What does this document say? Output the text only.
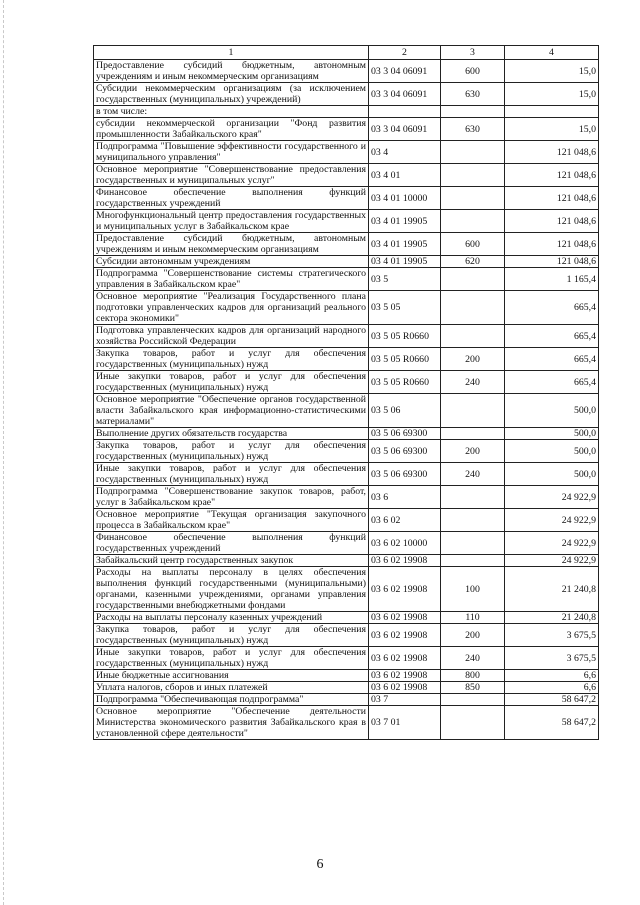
1	2	3	4
Предоставление субсидий бюджетным, автономным учреждениям и иным некоммерческим организациям	03 3 04 06091	600	15,0
Субсидии некоммерческим организациям (за исключением государственных (муниципальных) учреждений)	03 3 04 06091	630	15,0
в том числе:			
субсидии некоммерческой организации "Фонд развития промышленности Забайкальского края"	03 3 04 06091	630	15,0
Подпрограмма "Повышение эффективности государственного и муниципального управления"	03 4		121 048,6
Основное мероприятие "Совершенствование предоставления государственных и муниципальных услуг"	03 4 01		121 048,6
Финансовое обеспечение выполнения функций государственных учреждений	03 4 01 10000		121 048,6
Многофункциональный центр предоставления государственных и муниципальных услуг в Забайкальском крае	03 4 01 19905		121 048,6
Предоставление субсидий бюджетным, автономным учреждениям и иным некоммерческим организациям	03 4 01 19905	600	121 048,6
Субсидии автономным учреждениям	03 4 01 19905	620	121 048,6
Подпрограмма "Совершенствование системы стратегического управления в Забайкальском крае"	03 5		1 165,4
Основное мероприятие "Реализация Государственного плана подготовки управленческих кадров для организаций реального сектора экономики"	03 5 05		665,4
Подготовка управленческих кадров для организаций народного хозяйства Российской Федерации	03 5 05 R0660		665,4
Закупка товаров, работ и услуг для обеспечения государственных (муниципальных) нужд	03 5 05 R0660	200	665,4
Иные закупки товаров, работ и услуг для обеспечения государственных (муниципальных) нужд	03 5 05 R0660	240	665,4
Основное мероприятие "Обеспечение органов государственной власти Забайкальского края информационно-статистическими материалами"	03 5 06		500,0
Выполнение других обязательств государства	03 5 06 69300		500,0
Закупка товаров, работ и услуг для обеспечения государственных (муниципальных) нужд	03 5 06 69300	200	500,0
Иные закупки товаров, работ и услуг для обеспечения государственных (муниципальных) нужд	03 5 06 69300	240	500,0
Подпрограмма "Совершенствование закупок товаров, работ, услуг в Забайкальском крае"	03 6		24 922,9
Основное мероприятие "Текущая организация закупочного процесса в Забайкальском крае"	03 6 02		24 922,9
Финансовое обеспечение выполнения функций государственных учреждений	03 6 02 10000		24 922,9
Забайкальский центр государственных закупок	03 6 02 19908		24 922,9
Расходы на выплаты персоналу в целях обеспечения выполнения функций государственными (муниципальными) органами, казенными учреждениями, органами управления государственными внебюджетными фондами	03 6 02 19908	100	21 240,8
Расходы на выплаты персоналу казенных учреждений	03 6 02 19908	110	21 240,8
Закупка товаров, работ и услуг для обеспечения государственных (муниципальных) нужд	03 6 02 19908	200	3 675,5
Иные закупки товаров, работ и услуг для обеспечения государственных (муниципальных) нужд	03 6 02 19908	240	3 675,5
Иные бюджетные ассигнования	03 6 02 19908	800	6,6
Уплата налогов, сборов и иных платежей	03 6 02 19908	850	6,6
Подпрограмма "Обеспечивающая подпрограмма"	03 7		58 647,2
Основное мероприятие "Обеспечение деятельности Министерства экономического развития Забайкальского края в установленной сфере деятельности"	03 7 01		58 647,2
6
